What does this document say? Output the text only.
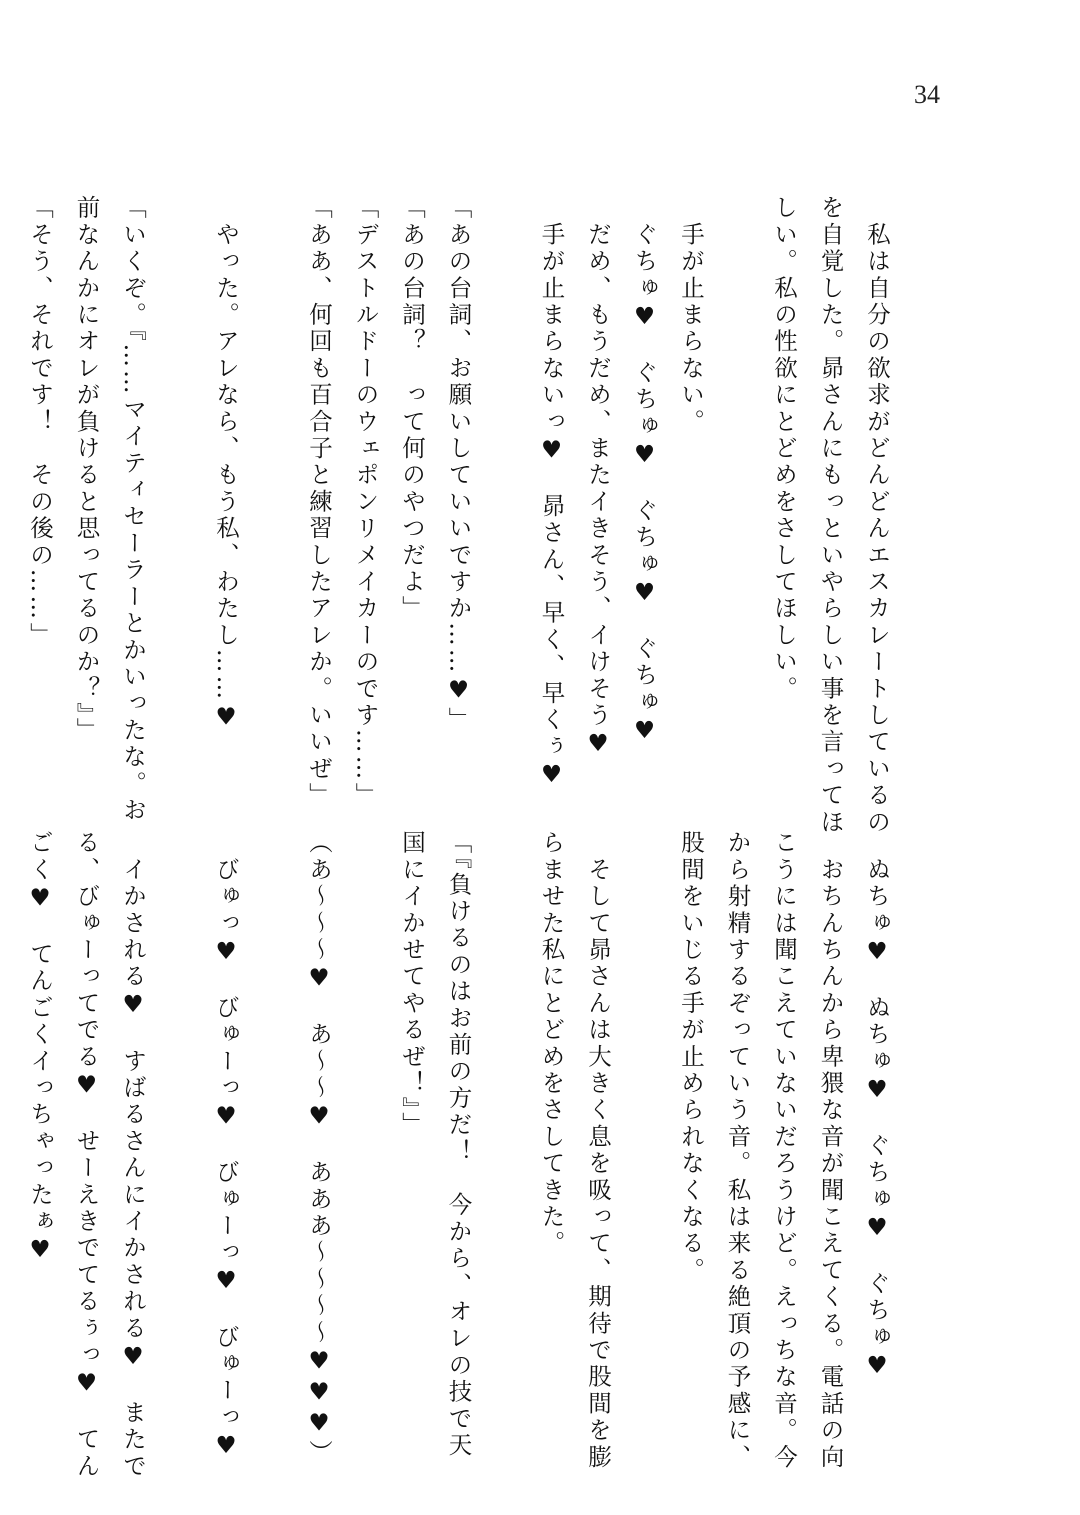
34
　私は自分の欲求がどんどんエスカレートしているの
を自覚した。昴さんにもっといやらしい事を言ってほ
しい。私の性欲にとどめをさしてほしい。

　手が止まらない。
　ぐちゅ♥　ぐちゅ♥　ぐちゅ♥　ぐちゅ♥
　だめ、もうだめ、またイきそう、イけそう♥
　手が止まらないっ♥　昴さん、早く、早くぅ♥

「あの台詞、お願いしていいですか……♥」
「あの台詞？　って何のやつだよ」
「デストルドーのウェポンリメイカーのです……」
「ああ、何回も百合子と練習したアレか。いいぜ」

　やった。アレなら、もう私、わたし……♥

「いくぞ。『……マイティセーラーとかいったな。お
前なんかにオレが負けると思ってるのか？』」
「そう、それです！　その後の……」
　ぬちゅ♥　ぬちゅ♥　ぐちゅ♥　ぐちゅ♥
　おちんちんから卑猥な音が聞こえてくる。電話の向
こうには聞こえていないだろうけど。えっちな音。今
から射精するぞっていう音。私は来る絶頂の予感に、
股間をいじる手が止められなくなる。

　そして昴さんは大きく息を吸って、期待で股間を膨
らませた私にとどめをさしてきた。

「『負けるのはお前の方だ！　今から、オレの技で天
国にイかせてやるぜ！』」

（あ～～～♥　あ～～♥　あああ～～～～♥♥♥）

　びゅっ♥　びゅーっ♥　びゅーっ♥　びゅーっ♥

　イかされる♥　すばるさんにイかされる♥　またで
る、びゅーってでる♥　せーえきでてるぅっ♥　てん
ごく♥　てんごくイっちゃったぁ♥
